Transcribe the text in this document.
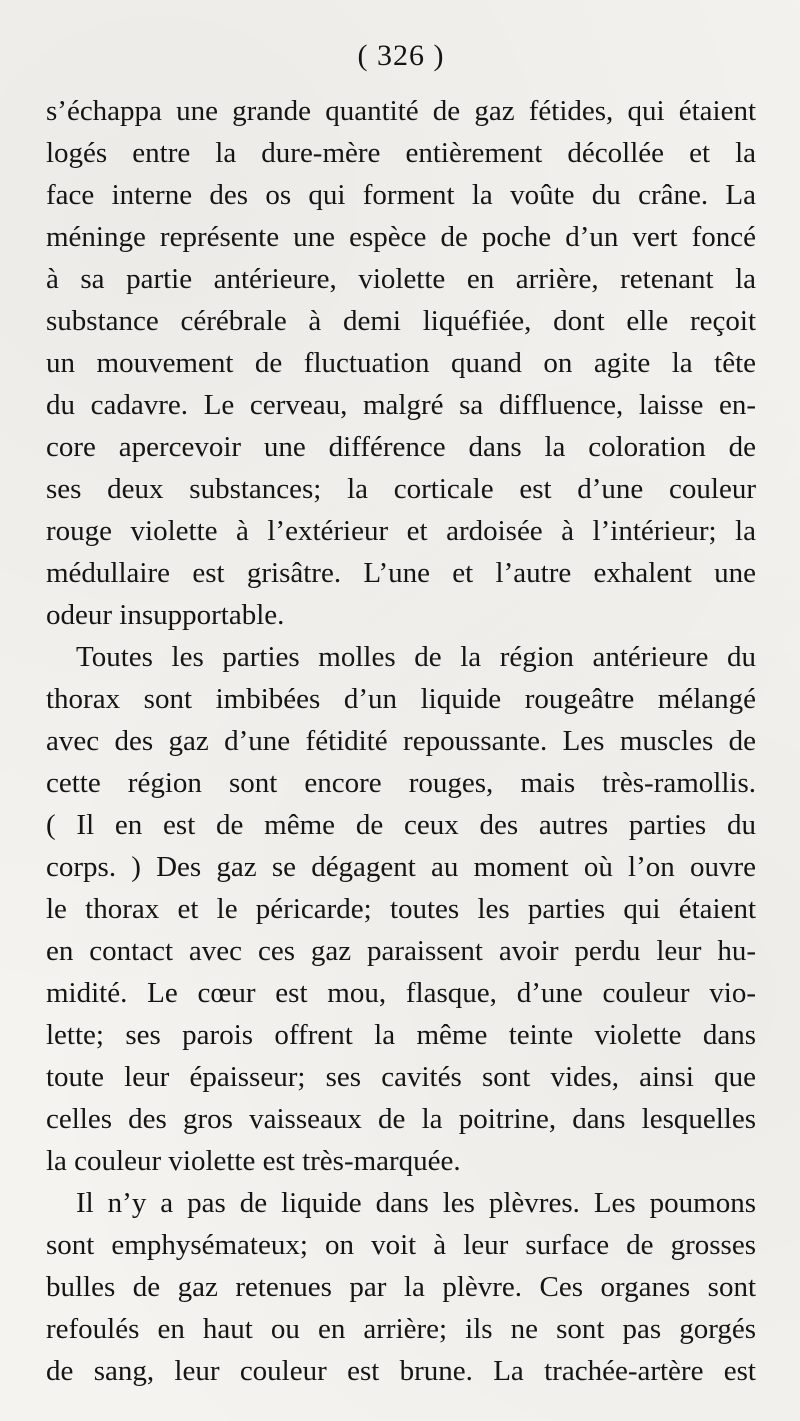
( 326 )

s’échappa une grande quantité de gaz fétides, qui étaient
logés entre la dure-mère entièrement décollée et la
face interne des os qui forment la voûte du crâne. La
méninge représente une espèce de poche d’un vert foncé
à sa partie antérieure, violette en arrière, retenant la
substance cérébrale à demi liquéfiée, dont elle reçoit
un mouvement de fluctuation quand on agite la tête
du cadavre. Le cerveau, malgré sa diffluence, laisse en-
core apercevoir une différence dans la coloration de
ses deux substances; la corticale est d’une couleur
rouge violette à l’extérieur et ardoisée à l’intérieur; la
médullaire est grisâtre. L’une et l’autre exhalent une
odeur insupportable.

Toutes les parties molles de la région antérieure du
thorax sont imbibées d’un liquide rougeâtre mélangé
avec des gaz d’une fétidité repoussante. Les muscles de
cette région sont encore rouges, mais très-ramollis.
( Il en est de même de ceux des autres parties du
corps. ) Des gaz se dégagent au moment où l’on ouvre
le thorax et le péricarde; toutes les parties qui étaient
en contact avec ces gaz paraissent avoir perdu leur hu-
midité. Le cœur est mou, flasque, d’une couleur vio-
lette; ses parois offrent la même teinte violette dans
toute leur épaisseur; ses cavités sont vides, ainsi que
celles des gros vaisseaux de la poitrine, dans lesquelles
la couleur violette est très-marquée.

Il n’y a pas de liquide dans les plèvres. Les poumons
sont emphysémateux; on voit à leur surface de grosses
bulles de gaz retenues par la plèvre. Ces organes sont
refoulés en haut ou en arrière; ils ne sont pas gorgés
de sang, leur couleur est brune. La trachée-artère est
